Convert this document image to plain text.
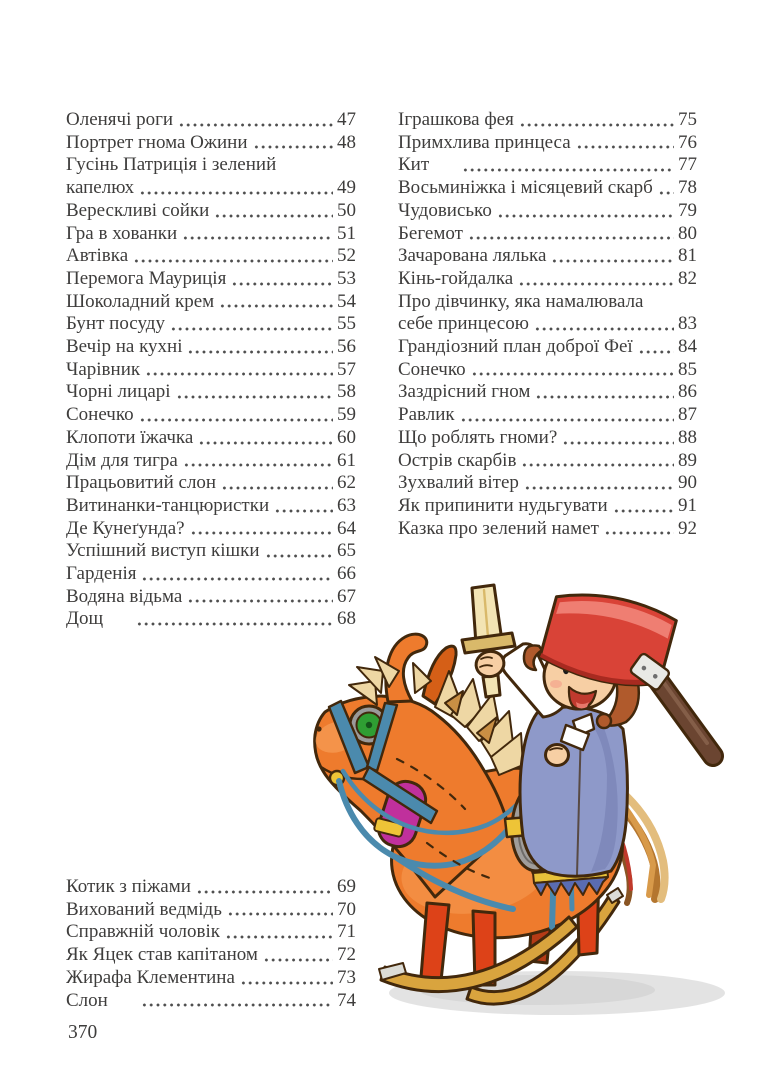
Оленячі роги	47
Портрет гнома Ожини	48
Гусінь Патриція і зелений
капелюх	49
Верескливі сойки	50
Гра в хованки	51
Автівка	52
Перемога Мауриція	53
Шоколадний крем	54
Бунт посуду	55
Вечір на кухні	56
Чарівник	57
Чорні лицарі	58
Сонечко	59
Клопоти їжачка	60
Дім для тигра	61
Працьовитий слон	62
Витинанки-танцюристки	63
Де Кунеґунда?	64
Успішний виступ кішки	65
Гарденія	66
Водяна відьма	67
Дощ	68
Іграшкова фея	75
Примхлива принцеса	76
Кит	77
Восьминіжка і місяцевий скарб 78
Чудовисько	79
Бегемот	80
Зачарована лялька	81
Кінь-гойдалка	82
Про дівчинку, яка намалювала
себе принцесою	83
Грандіозний план доброї Феї 84
Сонечко	85
Заздрісний гном	86
Равлик	87
Що роблять гноми?	88
Острів скарбів	89
Зухвалий вітер	90
Як припинити нудьгувати	91
Казка про зелений намет	92
Котик з піжами	69
Вихований ведмідь	70
Справжній чоловік	71
Як Яцек став капітаном	72
Жирафа Клементина	73
Слон	74
370
